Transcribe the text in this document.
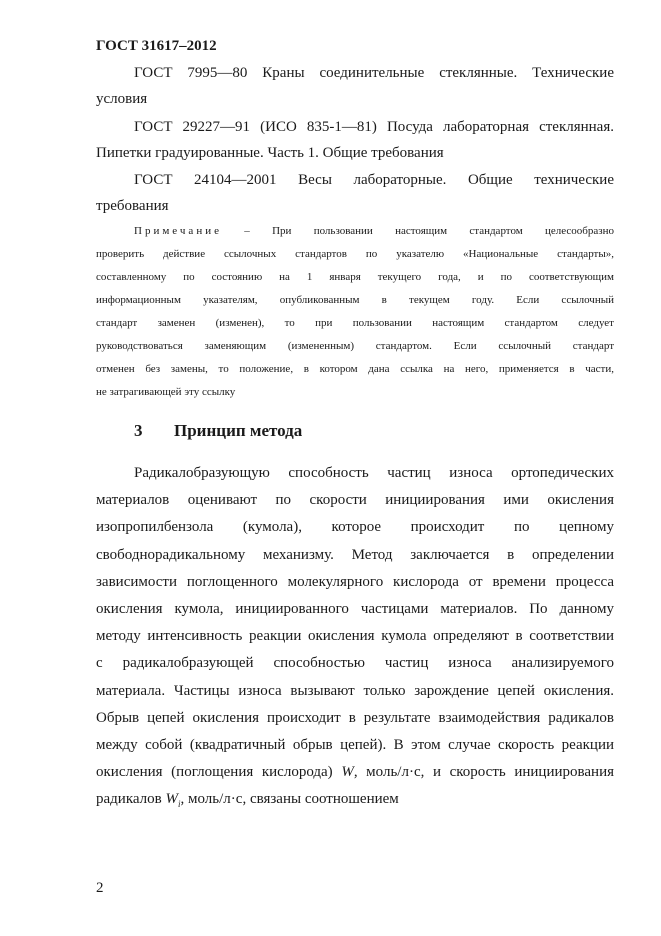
ГОСТ 31617–2012
ГОСТ 7995—80 Краны соединительные стеклянные. Технические
условия
ГОСТ 29227—91 (ИСО 835-1—81) Посуда лабораторная стеклянная.
Пипетки градуированные. Часть 1. Общие требования
ГОСТ 24104—2001 Весы лабораторные. Общие технические
требования
Примечание – При пользовании настоящим стандартом целесообразно
проверить действие ссылочных стандартов по указателю «Национальные стандарты»,
составленному по состоянию на 1 января текущего года, и по соответствующим
информационным указателям, опубликованным в текущем году. Если ссылочный
стандарт заменен (изменен), то при пользовании настоящим стандартом следует
руководствоваться заменяющим (измененным) стандартом. Если ссылочный стандарт
отменен без замены, то положение, в котором дана ссылка на него, применяется в части,
не затрагивающей эту ссылку
3 Принцип метода
Радикалобразующую способность частиц износа ортопедических
материалов оценивают по скорости инициирования ими окисления
изопропилбензола (кумола), которое происходит по цепному
свободнорадикальному механизму. Метод заключается в определении
зависимости поглощенного молекулярного кислорода от времени процесса
окисления кумола, инициированного частицами материалов. По данному
методу интенсивность реакции окисления кумола определяют в соответствии
с радикалобразующей способностью частиц износа анализируемого
материала. Частицы износа вызывают только зарождение цепей окисления.
Обрыв цепей окисления происходит в результате взаимодействия радикалов
между собой (квадратичный обрыв цепей). В этом случае скорость реакции
окисления (поглощения кислорода) W, моль/л·с, и скорость инициирования
радикалов $W_i$, моль/л·с, связаны соотношением
2
